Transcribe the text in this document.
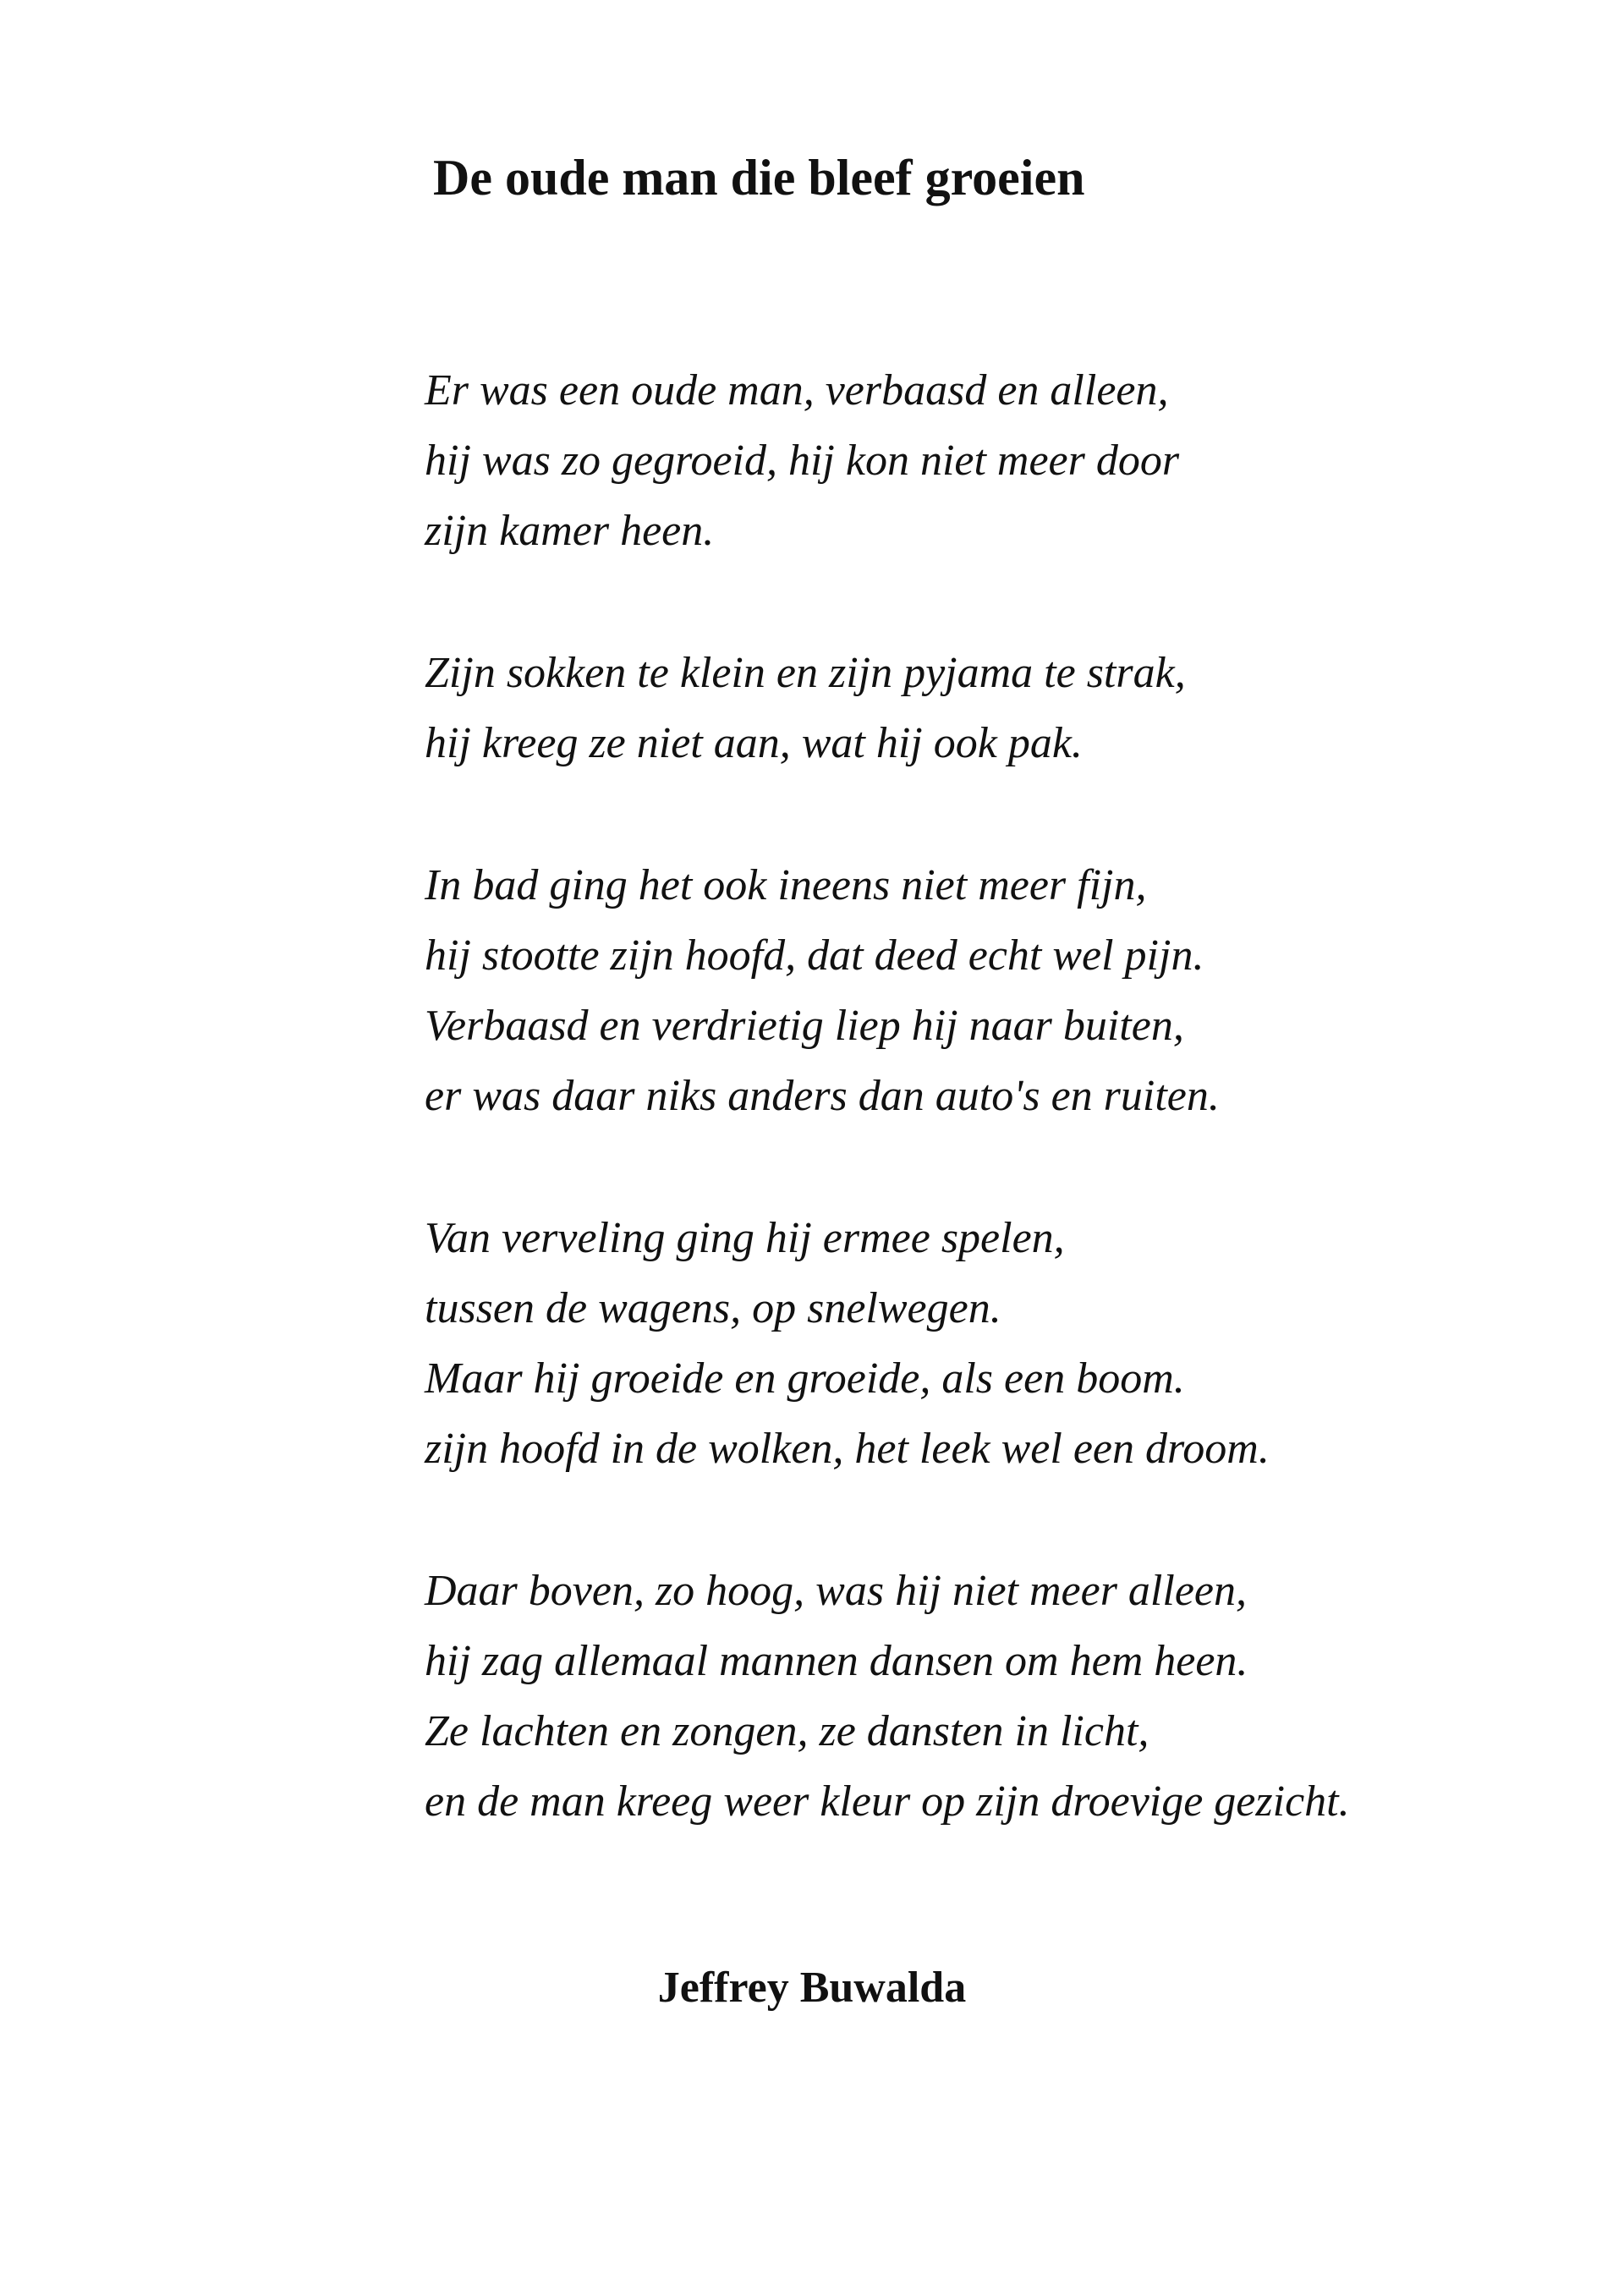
De oude man die bleef groeien
Er was een oude man, verbaasd en alleen,
hij was zo gegroeid, hij kon niet meer door
zijn kamer heen.
Zijn sokken te klein en zijn pyjama te strak,
hij kreeg ze niet aan, wat hij ook pak.
In bad ging het ook ineens niet meer fijn,
hij stootte zijn hoofd, dat deed echt wel pijn.
Verbaasd en verdrietig liep hij naar buiten,
er was daar niks anders dan auto's en ruiten.
Van verveling ging hij ermee spelen,
tussen de wagens, op snelwegen.
Maar hij groeide en groeide, als een boom.
zijn hoofd in de wolken, het leek wel een droom.
Daar boven, zo hoog, was hij niet meer alleen,
hij zag allemaal mannen dansen om hem heen.
Ze lachten en zongen, ze dansten in licht,
en de man kreeg weer kleur op zijn droevige gezicht.

Jeffrey Buwalda
